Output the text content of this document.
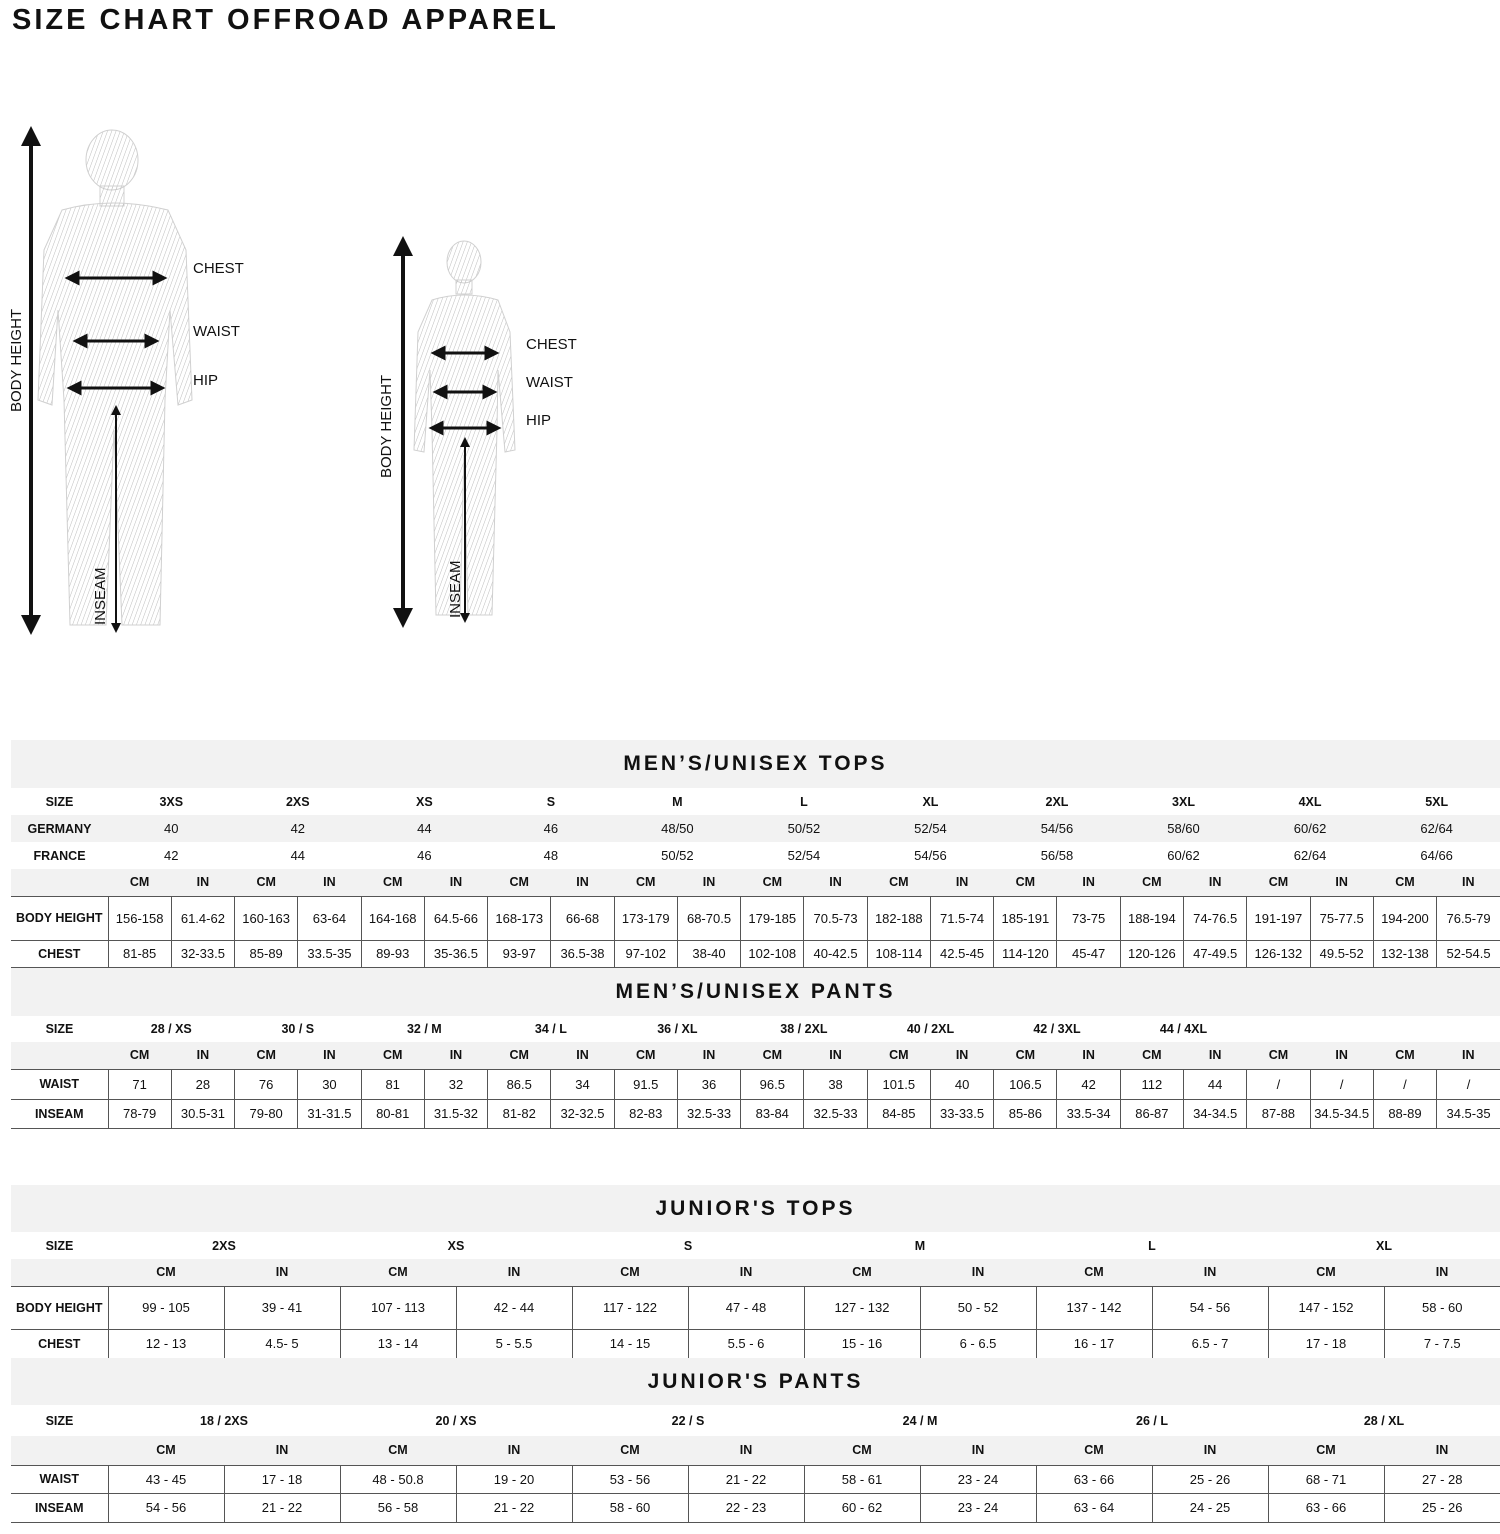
SIZE CHART OFFROAD APPAREL
CHEST
WAIST
HIP
BODY HEIGHT
INSEAM
CHEST
WAIST
HIP
BODY HEIGHT
INSEAM
MEN’S/UNISEX TOPS
SIZE	3XS		2XS		XS		S		M		L		XL		2XL		3XL		4XL		5XL	
GERMANY	40		42		44		46		48/50		50/52		52/54		54/56		58/60		60/62		62/64	
FRANCE	42		44		46		48		50/52		52/54		54/56		56/58		60/62		62/64		64/66	
	CM	IN	CM	IN	CM	IN	CM	IN	CM	IN	CM	IN	CM	IN	CM	IN	CM	IN	CM	IN	CM	IN
BODY HEIGHT	156-158	61.4-62	160-163	63-64	164-168	64.5-66	168-173	66-68	173-179	68-70.5	179-185	70.5-73	182-188	71.5-74	185-191	73-75	188-194	74-76.5	191-197	75-77.5	194-200	76.5-79
CHEST	81-85	32-33.5	85-89	33.5-35	89-93	35-36.5	93-97	36.5-38	97-102	38-40	102-108	40-42.5	108-114	42.5-45	114-120	45-47	120-126	47-49.5	126-132	49.5-52	132-138	52-54.5
MEN’S/UNISEX PANTS
SIZE	28 / XS		30 / S		32 / M		34 / L		36 / XL		38 / 2XL		40 / 2XL		42 / 3XL		44 / 4XL					
	CM	IN	CM	IN	CM	IN	CM	IN	CM	IN	CM	IN	CM	IN	CM	IN	CM	IN	CM	IN	CM	IN
WAIST	71	28	76	30	81	32	86.5	34	91.5	36	96.5	38	101.5	40	106.5	42	112	44	/	/	/	/
INSEAM	78-79	30.5-31	79-80	31-31.5	80-81	31.5-32	81-82	32-32.5	82-83	32.5-33	83-84	32.5-33	84-85	33-33.5	85-86	33.5-34	86-87	34-34.5	87-88	34.5-34.5	88-89	34.5-35
JUNIOR'S TOPS
SIZE	2XS		XS		S		M		L		XL	
	CM	IN	CM	IN	CM	IN	CM	IN	CM	IN	CM	IN
BODY HEIGHT	99 - 105	39 - 41	107 - 113	42 - 44	117 - 122	47 - 48	127 - 132	50 - 52	137 - 142	54 - 56	147 - 152	58 - 60
CHEST	12 - 13	4.5- 5	13 - 14	5 - 5.5	14 - 15	5.5 - 6	15 - 16	6 - 6.5	16 - 17	6.5 - 7	17 - 18	7 - 7.5
JUNIOR'S PANTS
SIZE	18 / 2XS		20 / XS		22 / S		24 / M		26 / L		28 / XL	
	CM	IN	CM	IN	CM	IN	CM	IN	CM	IN	CM	IN
WAIST	43 - 45	17 - 18	48 - 50.8	19 - 20	53 - 56	21 - 22	58 - 61	23 - 24	63 - 66	25 - 26	68 - 71	27 - 28
INSEAM	54 - 56	21 - 22	56 - 58	21 - 22	58 - 60	22 - 23	60 - 62	23 - 24	63 - 64	24 - 25	63 - 66	25 - 26
